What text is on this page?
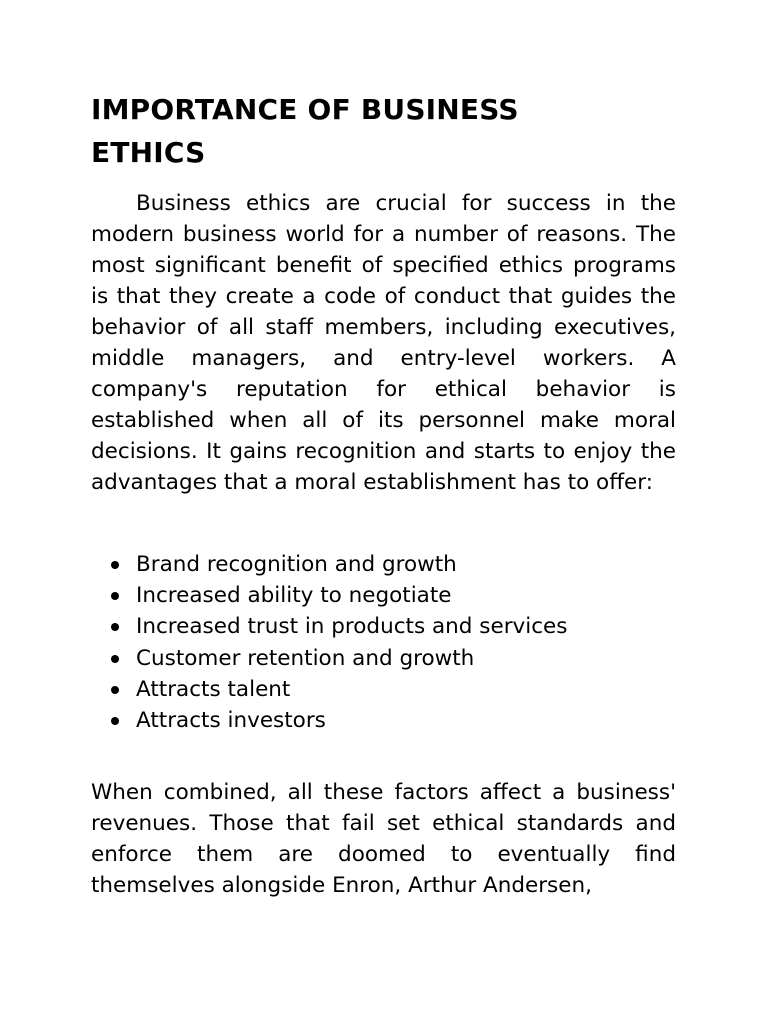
IMPORTANCE OF BUSINESS
ETHICS

Business ethics are crucial for success in the modern business world for a number of reasons. The most significant benefit of specified ethics programs is that they create a code of conduct that guides the behavior of all staff members, including executives, middle managers, and entry-level workers. A company's reputation for ethical behavior is established when all of its personnel make moral decisions. It gains recognition and starts to enjoy the advantages that a moral establishment has to offer:

Brand recognition and growth
Increased ability to negotiate
Increased trust in products and services
Customer retention and growth
Attracts talent
Attracts investors

When combined, all these factors affect a business' revenues. Those that fail set ethical standards and enforce them are doomed to eventually find themselves alongside Enron, Arthur Andersen,
